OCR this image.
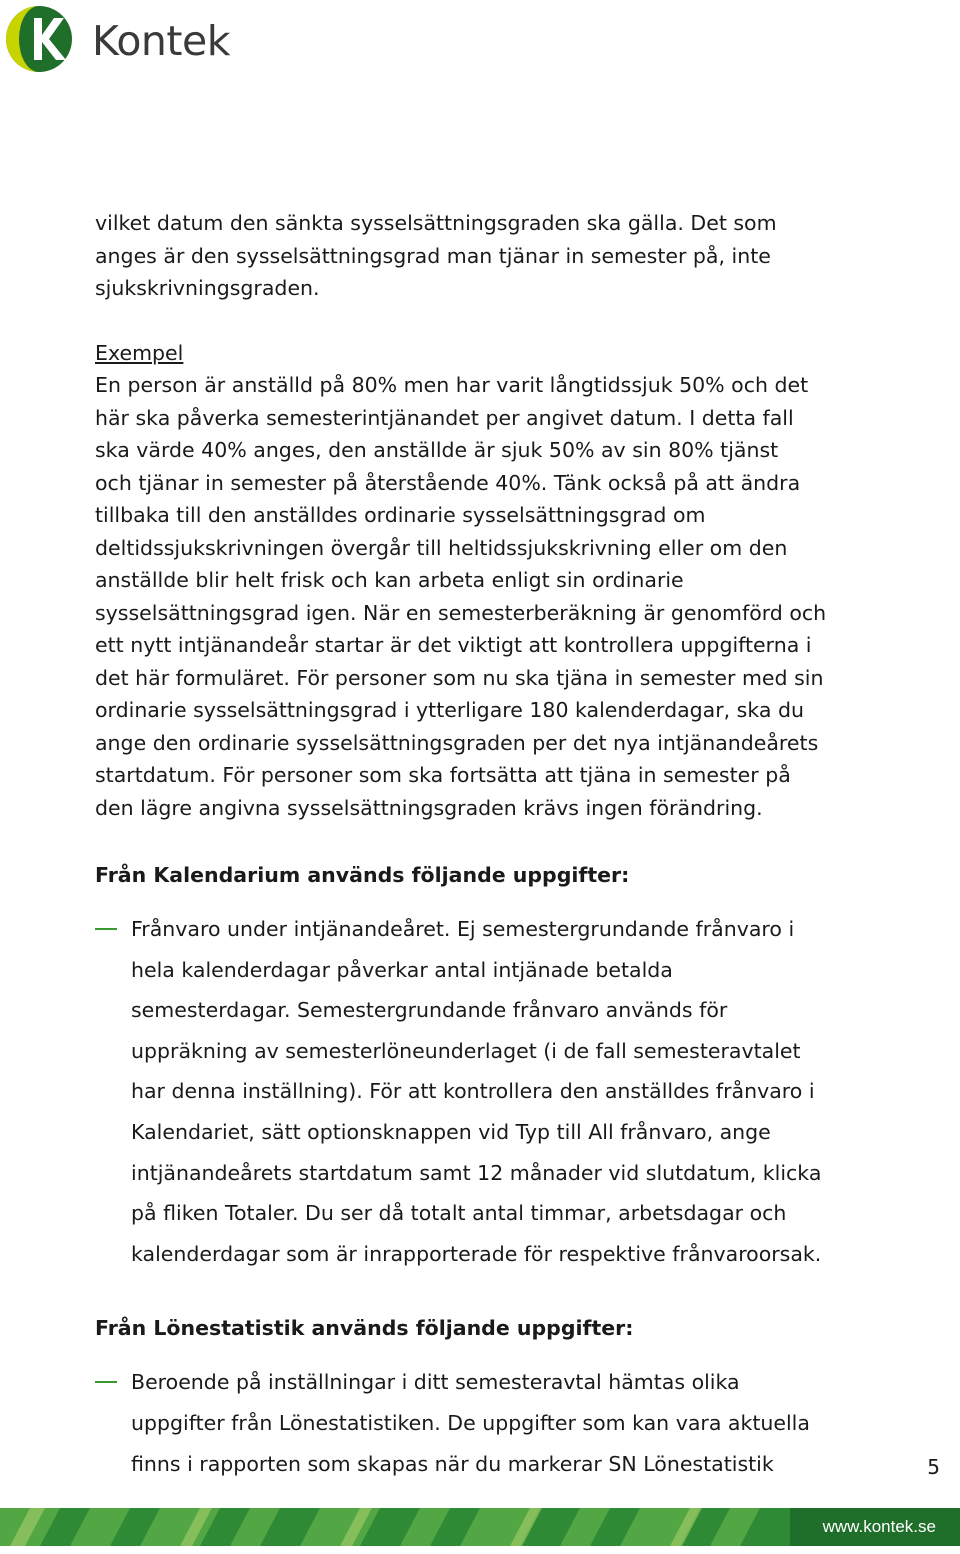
Kontek

vilket datum den sänkta sysselsättningsgraden ska gälla. Det som
anges är den sysselsättningsgrad man tjänar in semester på, inte
sjukskrivningsgraden.

Exempel

En person är anställd på 80% men har varit långtidssjuk 50% och det
här ska påverka semesterintjänandet per angivet datum. I detta fall
ska värde 40% anges, den anställde är sjuk 50% av sin 80% tjänst
och tjänar in semester på återstående 40%. Tänk också på att ändra
tillbaka till den anställdes ordinarie sysselsättningsgrad om
deltidssjukskrivningen övergår till heltidssjukskrivning eller om den
anställde blir helt frisk och kan arbeta enligt sin ordinarie
sysselsättningsgrad igen. När en semesterberäkning är genomförd och
ett nytt intjänandeår startar är det viktigt att kontrollera uppgifterna i
det här formuläret. För personer som nu ska tjäna in semester med sin
ordinarie sysselsättningsgrad i ytterligare 180 kalenderdagar, ska du
ange den ordinarie sysselsättningsgraden per det nya intjänandeårets
startdatum. För personer som ska fortsätta att tjäna in semester på
den lägre angivna sysselsättningsgraden krävs ingen förändring.

Från Kalendarium används följande uppgifter:

Frånvaro under intjänandeåret. Ej semestergrundande frånvaro i
hela kalenderdagar påverkar antal intjänade betalda
semesterdagar. Semestergrundande frånvaro används för
uppräkning av semesterlöneunderlaget (i de fall semesteravtalet
har denna inställning). För att kontrollera den anställdes frånvaro i
Kalendariet, sätt optionsknappen vid Typ till All frånvaro, ange
intjänandeårets startdatum samt 12 månader vid slutdatum, klicka
på fliken Totaler. Du ser då totalt antal timmar, arbetsdagar och
kalenderdagar som är inrapporterade för respektive frånvaroorsak.

Från Lönestatistik används följande uppgifter:

Beroende på inställningar i ditt semesteravtal hämtas olika
uppgifter från Lönestatistiken. De uppgifter som kan vara aktuella
finns i rapporten som skapas när du markerar SN Lönestatistik	5
www.kontek.se
